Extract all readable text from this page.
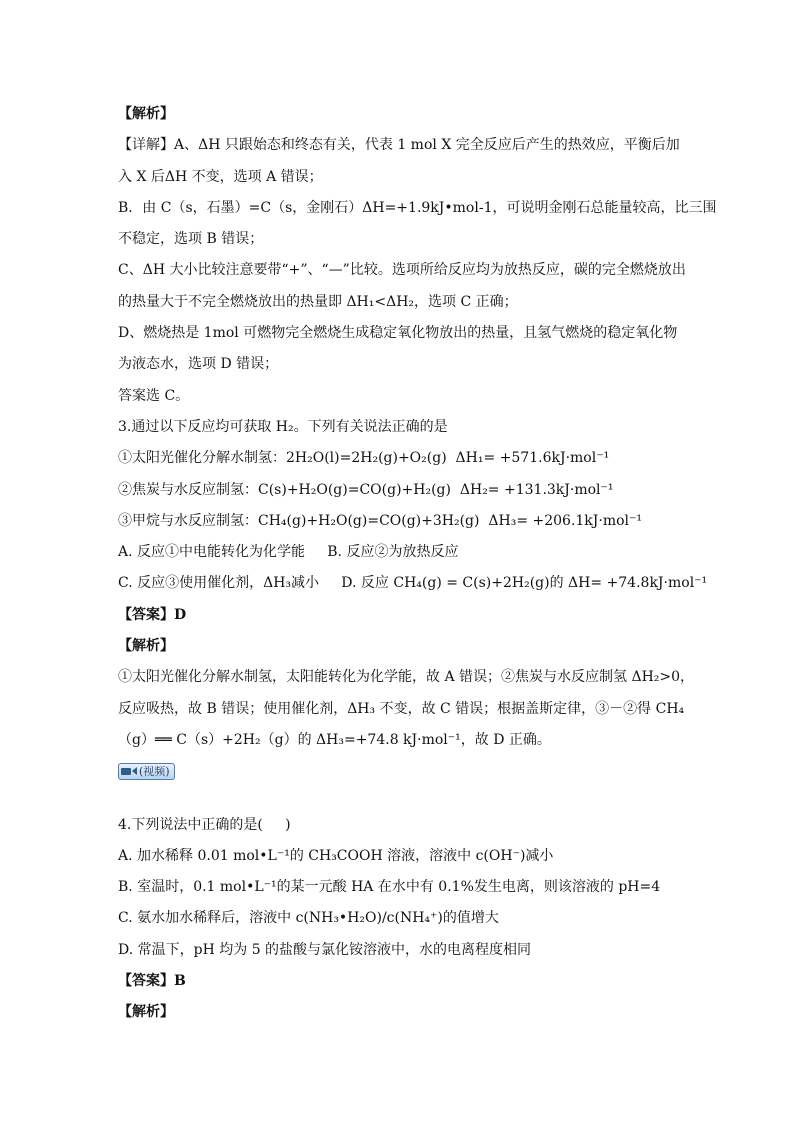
【解析】
【详解】A、ΔH 只跟始态和终态有关，代表 1 mol X 完全反应后产生的热效应，平衡后加
入 X 后ΔH 不变，选项 A 错误；
B．由 C（s，石墨）=C（s，金刚石）ΔH=+1.9kJ•mol-1，可说明金刚石总能量较高，比三围
不稳定，选项 B 错误；
C、ΔH 大小比较注意要带“+”、“—”比较。选项所给反应均为放热反应，碳的完全燃烧放出
的热量大于不完全燃烧放出的热量即 ΔH₁<ΔH₂，选项 C 正确；
D、燃烧热是 1mol 可燃物完全燃烧生成稳定氧化物放出的热量，且氢气燃烧的稳定氧化物
为液态水，选项 D 错误；
答案选 C。
3.通过以下反应均可获取 H₂。下列有关说法正确的是
①太阳光催化分解水制氢：2H₂O(l)=2H₂(g)+O₂(g)  ΔH₁= +571.6kJ·mol⁻¹
②焦炭与水反应制氢：C(s)+H₂O(g)=CO(g)+H₂(g)  ΔH₂= +131.3kJ·mol⁻¹
③甲烷与水反应制氢：CH₄(g)+H₂O(g)=CO(g)+3H₂(g)  ΔH₃= +206.1kJ·mol⁻¹
A. 反应①中电能转化为化学能     B. 反应②为放热反应
C. 反应③使用催化剂，ΔH₃减小     D. 反应 CH₄(g) = C(s)+2H₂(g)的 ΔH= +74.8kJ·mol⁻¹
【答案】D
【解析】
①太阳光催化分解水制氢，太阳能转化为化学能，故 A 错误；②焦炭与水反应制氢 ΔH₂>0，
反应吸热，故 B 错误；使用催化剂，ΔH₃ 不变，故 C 错误；根据盖斯定律，③－②得 CH₄
（g）══ C（s）+2H₂（g）的 ΔH₃=+74.8 kJ·mol⁻¹，故 D 正确。
(视频)
4.下列说法中正确的是(     )
A. 加水稀释 0.01 mol•L⁻¹的 CH₃COOH 溶液，溶液中 c(OH⁻)减小
B. 室温时，0.1 mol•L⁻¹的某一元酸 HA 在水中有 0.1%发生电离，则该溶液的 pH=4
C. 氨水加水稀释后，溶液中 c(NH₃•H₂O)/c(NH₄⁺)的值增大
D. 常温下，pH 均为 5 的盐酸与氯化铵溶液中，水的电离程度相同
【答案】B
【解析】
